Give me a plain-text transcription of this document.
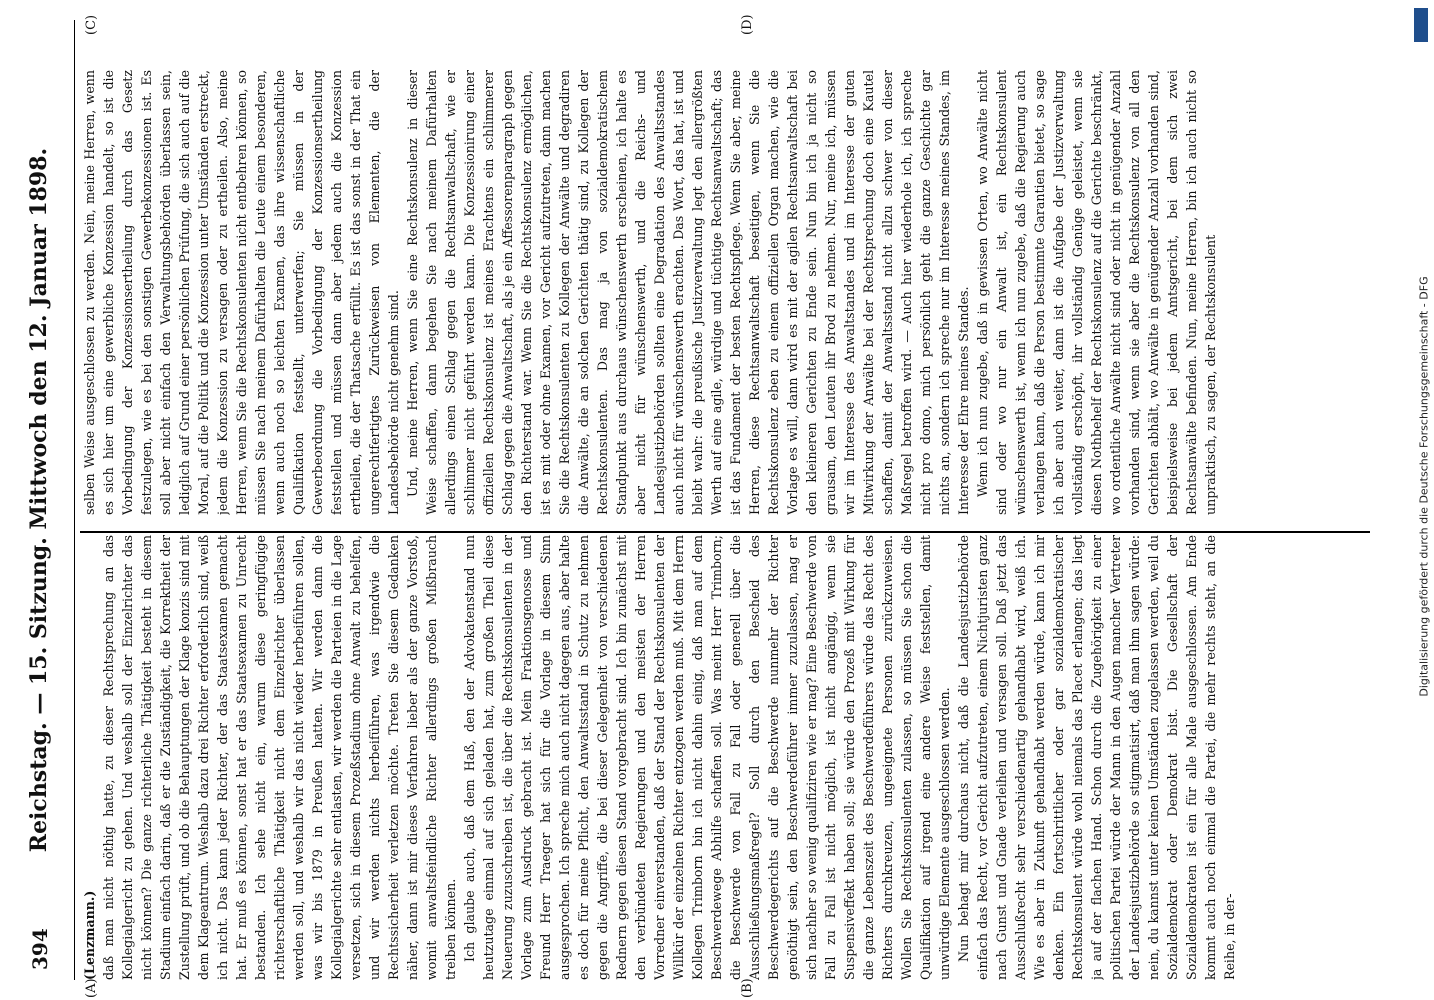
394
Reichstag. — 15. Sitzung. Mittwoch den 12. Januar 1898.
(A)	(B)
(C)	(D)

(Lenzmann.) daß man nicht nöthig hatte, zu dieser Rechtsprechung an das Kollegialgericht zu gehen. Und weshalb soll der Einzelrichter das nicht können? Die ganze richterliche Thätigkeit besteht in diesem Stadium einfach darin, daß er die Zuständigkeit, die Korrektheit der Zustellung prüft, und ob die Behauptungen der Klage konzis sind mit dem Klageantrum. Weshalb dazu drei Richter erforderlich sind, weiß ich nicht. Das kann jeder Richter, der das Staatsexamen gemacht hat. Er muß es können, sonst hat er das Staatsexamen zu Unrecht bestanden. Ich sehe nicht ein, warum diese geringfügige richterschaftliche Thätigkeit nicht dem Einzelrichter überlassen werden soll, und weshalb wir das nicht wieder herbeiführen sollen, was wir bis 1879 in Preußen hatten. Wir werden dann die Kollegialgerichte sehr entlasten, wir werden die Parteien in die Lage versetzen, sich in diesem Prozeßstadium ohne Anwalt zu behelfen, und wir werden nichts herbeiführen, was irgendwie die Rechtssicherheit verletzen möchte. Treten Sie diesem Gedanken näher, dann ist mir dieses Verfahren lieber als der ganze Vorstoß, womit anwaltsfeindliche Richter allerdings großen Mißbrauch treiben können. Ich glaube auch, daß dem Haß, den der Advokatenstand nun heutzutage einmal auf sich geladen hat, zum großen Theil diese Neuerung zuzuschreiben ist, die über die Rechtskonsulenten in der Vorlage zum Ausdruck gebracht ist. Mein Fraktionsgenosse und Freund Herr Traeger hat sich für die Vorlage in diesem Sinn ausgesprochen. Ich spreche mich auch nicht dagegen aus, aber halte es doch für meine Pflicht, den Anwaltsstand in Schutz zu nehmen gegen die Angriffe, die bei dieser Gelegenheit von verschiedenen Rednern gegen diesen Stand vorgebracht sind. Ich bin zunächst mit den verbündeten Regierungen und den meisten der Herren Vorredner einverstanden, daß der Stand der Rechtskonsulenten der Willkür der einzelnen Richter entzogen werden muß. Mit dem Herrn Kollegen Trimborn bin ich nicht dahin einig, daß man auf dem Beschwerdewege Abhilfe schaffen soll. Was meint Herr Trimborn; die Beschwerde von Fall zu Fall oder generell über die Ausschließungsmaßregel? Soll durch den Bescheid des Beschwerdegerichts auf die Beschwerde nunmehr der Richter genöthigt sein, den Beschwerdeführer immer zuzulassen, mag er sich nachher so wenig qualifiziren wie er mag? Eine Beschwerde von Fall zu Fall ist nicht möglich, ist nicht angängig, wenn sie Suspensiveffekt haben soll; sie würde den Prozeß mit Wirkung für die ganze Lebenszeit des Beschwerdeführers würde das Recht des Richters durchkreuzen, ungeeignete Personen zurückzuweisen. Wollen Sie Rechtskonsulenten zulassen, so müssen Sie schon die Qualifikation auf irgend eine andere Weise feststellen, damit unwürdige Elemente ausgeschlossen werden. Nun behagt mir durchaus nicht, daß die Landesjustizbehörde einfach das Recht, vor Gericht aufzutreten, einem Nichtjuristen ganz nach Gunst und Gnade verleihen und versagen soll. Daß jetzt das Ausschlußrecht sehr verschiedenartig gehandhabt wird, weiß ich. Wie es aber in Zukunft gehandhabt werden würde, kann ich mir denken. Ein fortschrittlicher oder gar sozialdemokratischer Rechtskonsulent würde wohl niemals das Placet erlangen; das liegt ja auf der flachen Hand. Schon durch die Zugehörigkeit zu einer politischen Partei würde der Mann in den Augen mancher Vertreter der Landesjustizbehörde so stigmatisirt, daß man ihm sagen würde: nein, du kannst unter keinen Umständen zugelassen werden, weil du Sozialdemokrat oder Demokrat bist. Die Gesellschaft der Sozialdemokraten ist ein für alle Male ausgeschlossen. Am Ende kommt auch noch einmal die Partei, die mehr rechts steht, an die Reihe, in der-

selben Weise ausgeschlossen zu werden. Nein, meine Herren, wenn es sich hier um eine gewerbliche Konzession handelt, so ist die Vorbedingung der Konzessionsertheilung durch das Gesetz festzulegen, wie es bei den sonstigen Gewerbekonzessionen ist. Es soll aber nicht einfach den Verwaltungsbehörden überlassen sein, lediglich auf Grund einer persönlichen Prüfung, die sich auch auf die Moral, auf die Politik und die Konzession unter Umständen erstreckt, jedem die Konzession zu versagen oder zu ertheilen. Also, meine Herren, wenn Sie die Rechtskonsulenten nicht entbehren können, so müssen Sie nach meinem Dafürhalten die Leute einem besonderen, wenn auch noch so leichten Examen, das ihre wissenschaftliche Qualifikation feststellt, unterwerfen; Sie müssen in der Gewerbeordnung die Vorbedingung der Konzessionsertheilung feststellen und müssen dann aber jedem auch die Konzession ertheilen, die der Thatsache erfüllt. Es ist das sonst in der That ein ungerechtfertigtes Zurückweisen von Elementen, die der Landesbehörde nicht genehm sind. Und, meine Herren, wenn Sie eine Rechtskonsulenz in dieser Weise schaffen, dann begehen Sie nach meinem Dafürhalten allerdings einen Schlag gegen die Rechtsanwaltschaft, wie er schlimmer nicht geführt werden kann. Die Konzessionirung einer offiziellen Rechtskonsulenz ist meines Erachtens ein schlimmerer Schlag gegen die Anwaltschaft, als je ein Affessorenparagraph gegen den Richterstand war. Wenn Sie die Rechtskonsulenz ermöglichen, ist es mit oder ohne Examen, vor Gericht aufzutreten, dann machen Sie die Rechtskonsulenten zu Kollegen der Anwälte und degradiren die Anwälte, die an solchen Gerichten thätig sind, zu Kollegen der Rechtskonsulenten. Das mag ja von sozialdemokratischem Standpunkt aus durchaus wünschenswerth erscheinen, ich halte es aber nicht für wünschenswerth, und die Reichs- und Landesjustizbehörden sollten eine Degradation des Anwaltsstandes auch nicht für wünschenswerth erachten. Das Wort, das hat, ist und bleibt wahr: die preußische Justizverwaltung legt den allergrößten Werth auf eine agile, würdige und tüchtige Rechtsanwaltschaft; das ist das Fundament der besten Rechtspflege. Wenn Sie aber, meine Herren, diese Rechtsanwaltschaft beseitigen, wenn Sie die Rechtskonsulenz eben zu einem offiziellen Organ machen, wie die Vorlage es will, dann wird es mit der agilen Rechtsanwaltschaft bei den kleineren Gerichten zu Ende sein. Nun bin ich ja nicht so grausam, den Leuten ihr Brod zu nehmen. Nur, meine ich, müssen wir im Interesse des Anwaltstandes und im Interesse der guten Mitwirkung der Anwälte bei der Rechtsprechung doch eine Kautel schaffen, damit der Anwaltsstand nicht allzu schwer von dieser Maßregel betroffen wird. — Auch hier wiederhole ich, ich spreche nicht pro domo, mich persönlich geht die ganze Geschichte gar nichts an, sondern ich spreche nur im Interesse meines Standes, im Interesse der Ehre meines Standes. Wenn ich nun zugebe, daß in gewissen Orten, wo Anwälte nicht sind oder wo nur ein Anwalt ist, ein Rechtskonsulent wünschenswerth ist, wenn ich nun zugebe, daß die Regierung auch verlangen kann, daß die Person bestimmte Garantien bietet, so sage ich aber auch weiter, dann ist die Aufgabe der Justizverwaltung vollständig erschöpft, ihr vollständig Genüge geleistet, wenn sie diesen Nothbehelf der Rechtskonsulenz auf die Gerichte beschränkt, wo ordentliche Anwälte nicht sind oder nicht in genügender Anzahl vorhanden sind, wenn sie aber die Rechtskonsulenz von all den Gerichten abhält, wo Anwälte in genügender Anzahl vorhanden sind, beispielsweise bei jedem Amtsgericht, bei dem sich zwei Rechtsanwälte befinden. Nun, meine Herren, bin ich auch nicht so unpraktisch, zu sagen, der Rechtskonsulent	Digitalisierung gefördert durch die Deutsche Forschungsgemeinschaft - DFG
